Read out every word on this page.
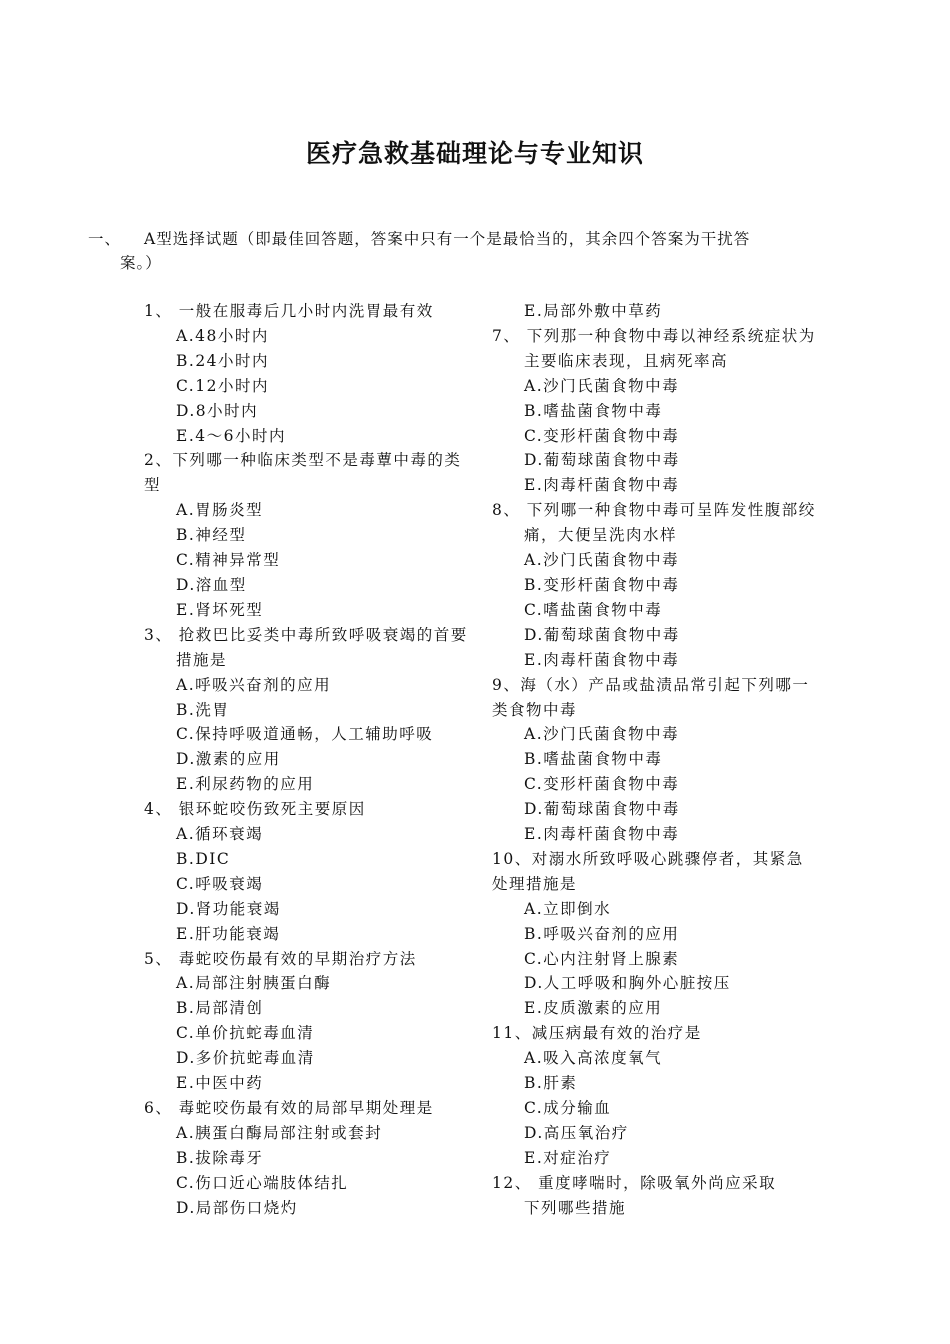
医疗急救基础理论与专业知识
一、 A型选择试题（即最佳回答题，答案中只有一个是最恰当的，其余四个答案为干扰答
案。）
1、 一般在服毒后几小时内洗胃最有效
A.48小时内
B.24小时内
C.12小时内
D.8小时内
E.4～6小时内
2、下列哪一种临床类型不是毒蕈中毒的类
型
A.胃肠炎型
B.神经型
C.精神异常型
D.溶血型
E.肾坏死型
3、 抢救巴比妥类中毒所致呼吸衰竭的首要
措施是
A.呼吸兴奋剂的应用
B.洗胃
C.保持呼吸道通畅，人工辅助呼吸
D.激素的应用
E.利尿药物的应用
4、 银环蛇咬伤致死主要原因
A.循环衰竭
B.DIC
C.呼吸衰竭
D.肾功能衰竭
E.肝功能衰竭
5、 毒蛇咬伤最有效的早期治疗方法
A.局部注射胰蛋白酶
B.局部清创
C.单价抗蛇毒血清
D.多价抗蛇毒血清
E.中医中药
6、 毒蛇咬伤最有效的局部早期处理是
A.胰蛋白酶局部注射或套封
B.拔除毒牙
C.伤口近心端肢体结扎
D.局部伤口烧灼
E.局部外敷中草药
7、 下列那一种食物中毒以神经系统症状为
主要临床表现，且病死率高
A.沙门氏菌食物中毒
B.嗜盐菌食物中毒
C.变形杆菌食物中毒
D.葡萄球菌食物中毒
E.肉毒杆菌食物中毒
8、 下列哪一种食物中毒可呈阵发性腹部绞
痛，大便呈洗肉水样
A.沙门氏菌食物中毒
B.变形杆菌食物中毒
C.嗜盐菌食物中毒
D.葡萄球菌食物中毒
E.肉毒杆菌食物中毒
9、海（水）产品或盐渍品常引起下列哪一
类食物中毒
A.沙门氏菌食物中毒
B.嗜盐菌食物中毒
C.变形杆菌食物中毒
D.葡萄球菌食物中毒
E.肉毒杆菌食物中毒
10、对溺水所致呼吸心跳骤停者，其紧急
处理措施是
A.立即倒水
B.呼吸兴奋剂的应用
C.心内注射肾上腺素
D.人工呼吸和胸外心脏按压
E.皮质激素的应用
11、减压病最有效的治疗是
A.吸入高浓度氧气
B.肝素
C.成分输血
D.高压氧治疗
E.对症治疗
12、 重度哮喘时，除吸氧外尚应采取
下列哪些措施
